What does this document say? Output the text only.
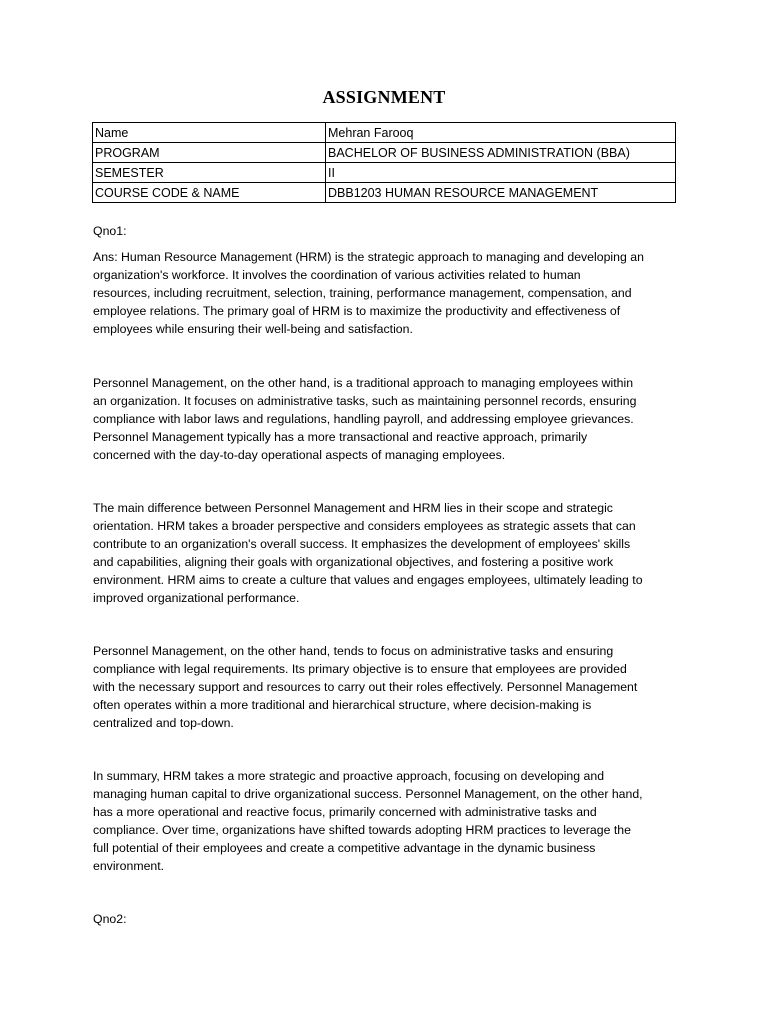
ASSIGNMENT
Name	Mehran Farooq
PROGRAM	BACHELOR OF BUSINESS ADMINISTRATION (BBA)
SEMESTER	II
COURSE CODE & NAME	DBB1203 HUMAN RESOURCE MANAGEMENT
Qno1:

Ans: Human Resource Management (HRM) is the strategic approach to managing and developing an
organization's workforce. It involves the coordination of various activities related to human
resources, including recruitment, selection, training, performance management, compensation, and
employee relations. The primary goal of HRM is to maximize the productivity and effectiveness of
employees while ensuring their well-being and satisfaction.

Personnel Management, on the other hand, is a traditional approach to managing employees within
an organization. It focuses on administrative tasks, such as maintaining personnel records, ensuring
compliance with labor laws and regulations, handling payroll, and addressing employee grievances.
Personnel Management typically has a more transactional and reactive approach, primarily
concerned with the day-to-day operational aspects of managing employees.

The main difference between Personnel Management and HRM lies in their scope and strategic
orientation. HRM takes a broader perspective and considers employees as strategic assets that can
contribute to an organization's overall success. It emphasizes the development of employees' skills
and capabilities, aligning their goals with organizational objectives, and fostering a positive work
environment. HRM aims to create a culture that values and engages employees, ultimately leading to
improved organizational performance.

Personnel Management, on the other hand, tends to focus on administrative tasks and ensuring
compliance with legal requirements. Its primary objective is to ensure that employees are provided
with the necessary support and resources to carry out their roles effectively. Personnel Management
often operates within a more traditional and hierarchical structure, where decision-making is
centralized and top-down.

In summary, HRM takes a more strategic and proactive approach, focusing on developing and
managing human capital to drive organizational success. Personnel Management, on the other hand,
has a more operational and reactive focus, primarily concerned with administrative tasks and
compliance. Over time, organizations have shifted towards adopting HRM practices to leverage the
full potential of their employees and create a competitive advantage in the dynamic business
environment.

Qno2:
